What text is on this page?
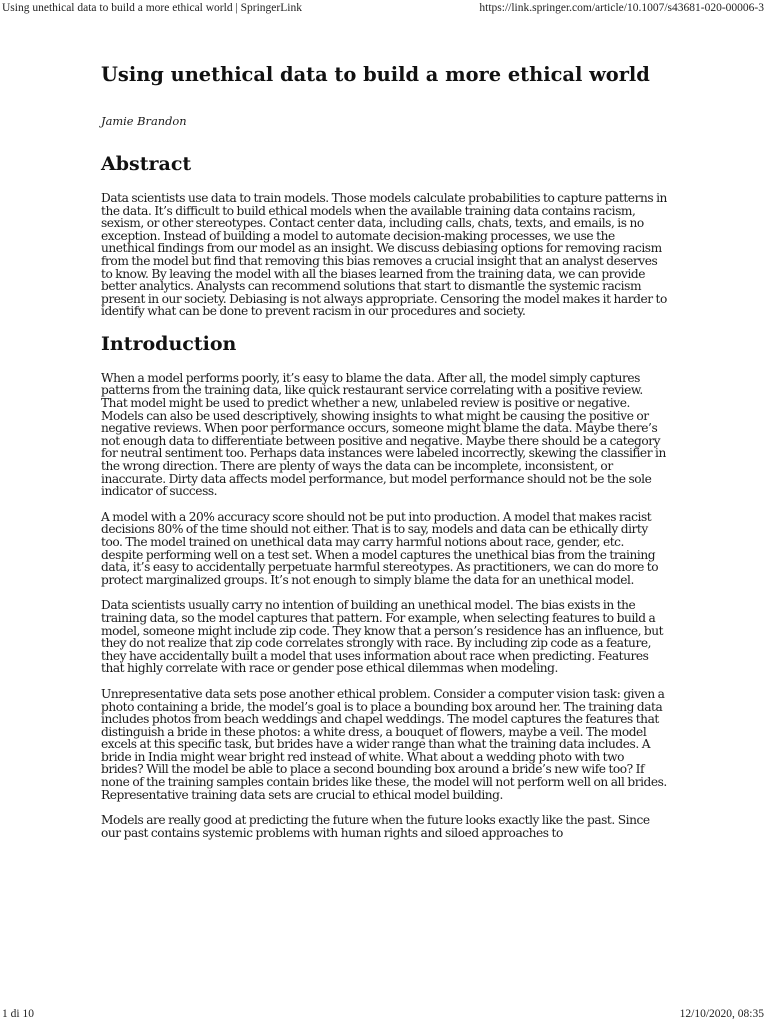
Using unethical data to build a more ethical world | SpringerLink	https://link.springer.com/article/10.1007/s43681-020-00006-3
Using unethical data to build a more ethical world

Jamie Brandon

Abstract

Data scientists use data to train models. Those models calculate probabilities to capture patterns in the data. It’s difficult to build ethical models when the available training data contains racism, sexism, or other stereotypes. Contact center data, including calls, chats, texts, and emails, is no exception. Instead of building a model to automate decision-making processes, we use the unethical findings from our model as an insight. We discuss debiasing options for removing racism from the model but find that removing this bias removes a crucial insight that an analyst deserves to know. By leaving the model with all the biases learned from the training data, we can provide better analytics. Analysts can recommend solutions that start to dismantle the systemic racism present in our society. Debiasing is not always appropriate. Censoring the model makes it harder to identify what can be done to prevent racism in our procedures and society.

Introduction

When a model performs poorly, it’s easy to blame the data. After all, the model simply captures patterns from the training data, like quick restaurant service correlating with a positive review. That model might be used to predict whether a new, unlabeled review is positive or negative. Models can also be used descriptively, showing insights to what might be causing the positive or negative reviews. When poor performance occurs, someone might blame the data. Maybe there’s not enough data to differentiate between positive and negative. Maybe there should be a category for neutral sentiment too. Perhaps data instances were labeled incorrectly, skewing the classifier in the wrong direction. There are plenty of ways the data can be incomplete, inconsistent, or inaccurate. Dirty data affects model performance, but model performance should not be the sole indicator of success.

A model with a 20% accuracy score should not be put into production. A model that makes racist decisions 80% of the time should not either. That is to say, models and data can be ethically dirty too. The model trained on unethical data may carry harmful notions about race, gender, etc. despite performing well on a test set. When a model captures the unethical bias from the training data, it’s easy to accidentally perpetuate harmful stereotypes. As practitioners, we can do more to protect marginalized groups. It’s not enough to simply blame the data for an unethical model.

Data scientists usually carry no intention of building an unethical model. The bias exists in the training data, so the model captures that pattern. For example, when selecting features to build a model, someone might include zip code. They know that a person’s residence has an influence, but they do not realize that zip code correlates strongly with race. By including zip code as a feature, they have accidentally built a model that uses information about race when predicting. Features that highly correlate with race or gender pose ethical dilemmas when modeling.

Unrepresentative data sets pose another ethical problem. Consider a computer vision task: given a photo containing a bride, the model’s goal is to place a bounding box around her. The training data includes photos from beach weddings and chapel weddings. The model captures the features that distinguish a bride in these photos: a white dress, a bouquet of flowers, maybe a veil. The model excels at this specific task, but brides have a wider range than what the training data includes. A bride in India might wear bright red instead of white. What about a wedding photo with two brides? Will the model be able to place a second bounding box around a bride’s new wife too? If none of the training samples contain brides like these, the model will not perform well on all brides. Representative training data sets are crucial to ethical model building.

Models are really good at predicting the future when the future looks exactly like the past. Since our past contains systemic problems with human rights and siloed approaches to

1 di 10	12/10/2020, 08:35
